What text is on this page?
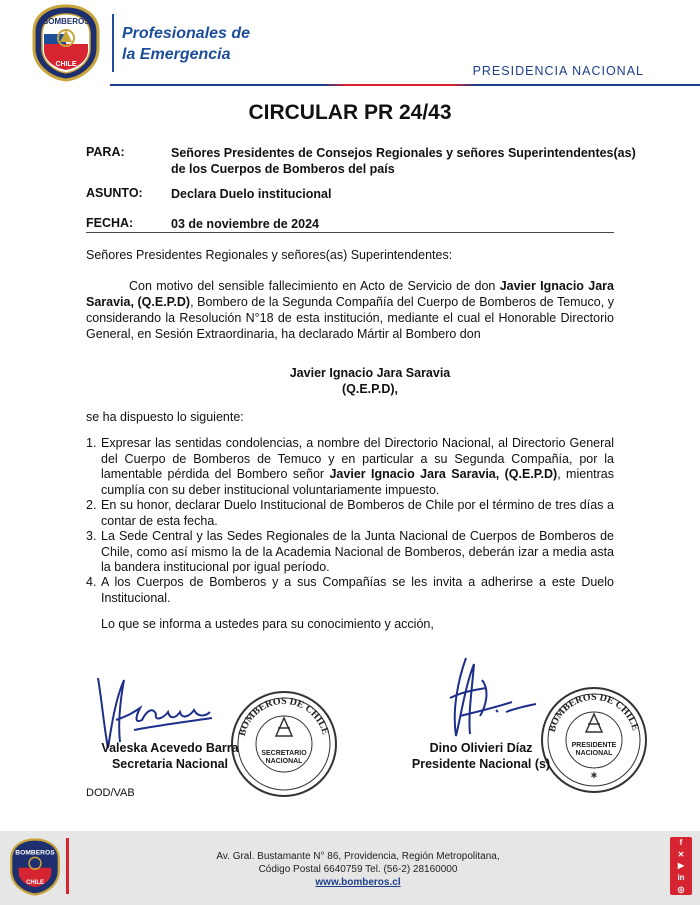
BOMBEROS
CHILE
Profesionales de
la Emergencia
PRESIDENCIA NACIONAL
CIRCULAR PR 24/43
PARA:	Señores Presidentes de Consejos Regionales y señores Superintendentes(as)
de los Cuerpos de Bomberos del país
ASUNTO: Declara Duelo institucional
FECHA:	03 de noviembre de 2024
Señores Presidentes Regionales y señores(as) Superintendentes:
Con motivo del sensible fallecimiento en Acto de Servicio de don Javier Ignacio Jara Saravia, (Q.E.P.D), Bombero de la Segunda Compañía del Cuerpo de Bomberos de Temuco, y considerando la Resolución N°18 de esta institución, mediante el cual el Honorable Directorio General, en Sesión Extraordinaria, ha declarado Mártir al Bombero don
Javier Ignacio Jara Saravia
(Q.E.P.D),
se ha dispuesto lo siguiente:
1. Expresar las sentidas condolencias, a nombre del Directorio Nacional, al Directorio General del Cuerpo de Bomberos de Temuco y en particular a su Segunda Compañía, por la lamentable pérdida del Bombero señor Javier Ignacio Jara Saravia, (Q.E.P.D), mientras cumplía con su deber institucional voluntariamente impuesto.
2. En su honor, declarar Duelo Institucional de Bomberos de Chile por el término de tres días a contar de esta fecha.
3. La Sede Central y las Sedes Regionales de la Junta Nacional de Cuerpos de Bomberos de Chile, como así mismo la de la Academia Nacional de Bomberos, deberán izar a media asta la bandera institucional por igual período.
4. A los Cuerpos de Bomberos y a sus Compañías se les invita a adherirse a este Duelo Institucional.
Lo que se informa a ustedes para su conocimiento y acción,
BOMBEROS DE CHILE
SECRETARIO NACIONAL
Valeska Acevedo Barra
Secretaria Nacional
BOMBEROS DE CHILE
PRESIDENTE NACIONAL
✱
Dino Olivieri Díaz
Presidente Nacional (s)
DOD/VAB
BOMBEROS
CHILE
Av. Gral. Bustamante N° 86, Providencia, Región Metropolitana,
Código Postal 6640759 Tel. (56-2) 28160000
www.bomberos.cl
f
✕
▶
in
◎
